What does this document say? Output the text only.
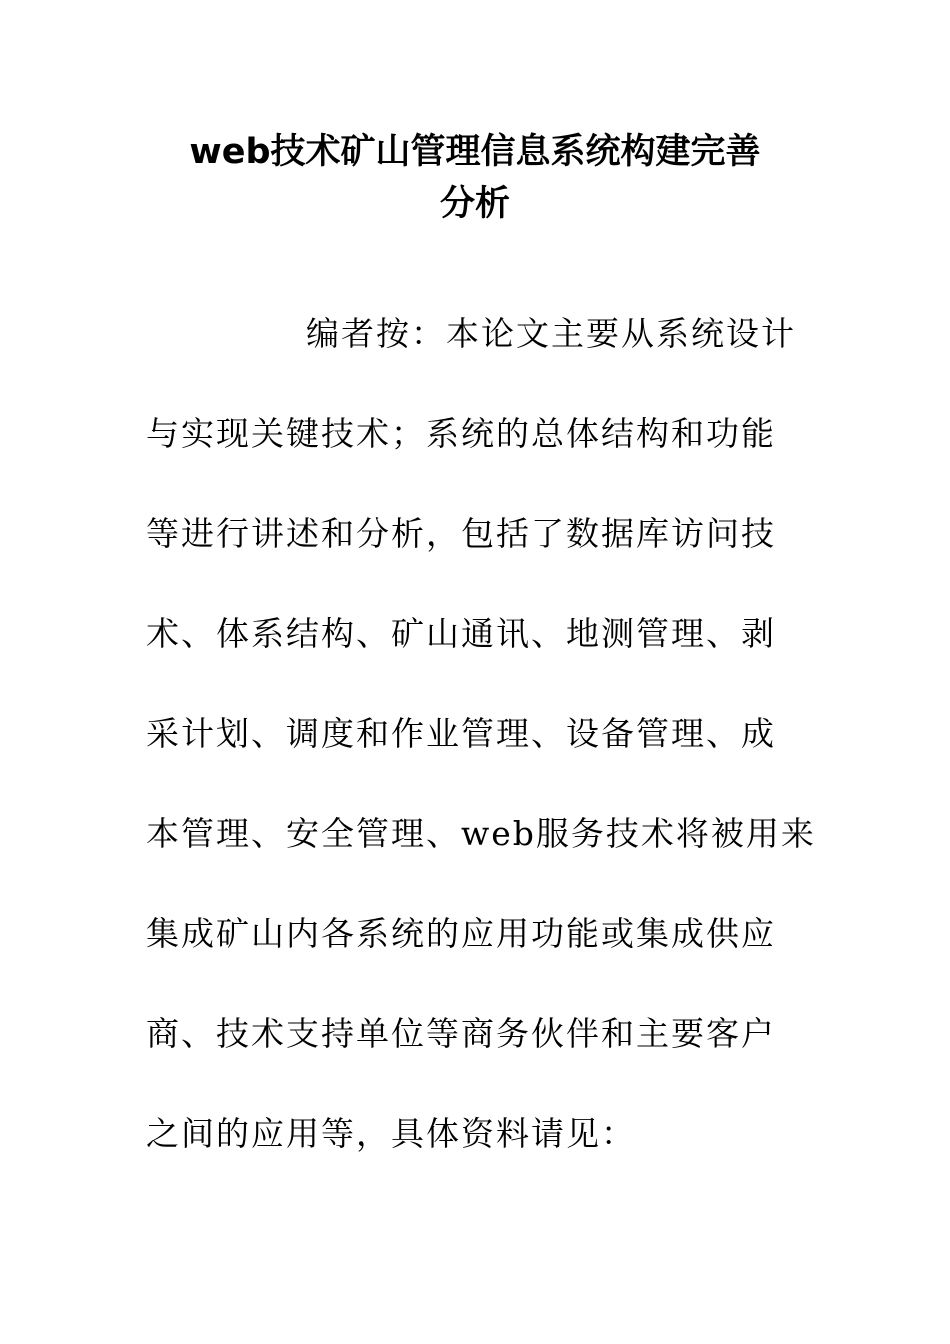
web技术矿山管理信息系统构建完善
分析
编者按：本论文主要从系统设计
与实现关键技术；系统的总体结构和功能
等进行讲述和分析，包括了数据库访问技
术、体系结构、矿山通讯、地测管理、剥
采计划、调度和作业管理、设备管理、成
本管理、安全管理、web服务技术将被用来
集成矿山内各系统的应用功能或集成供应
商、技术支持单位等商务伙伴和主要客户
之间的应用等，具体资料请见：
